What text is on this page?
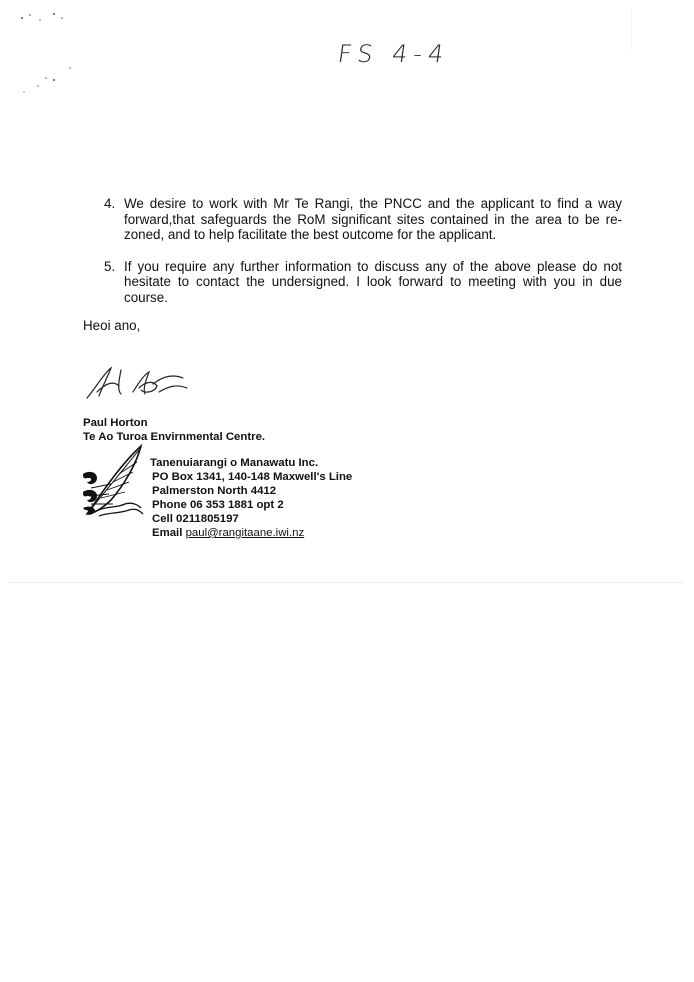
FS 4-4
4. We desire to work with Mr Te Rangi, the PNCC and the applicant to find a way forward,that safeguards the RoM significant sites contained in the area to be re-zoned, and to help facilitate the best outcome for the applicant.
5. If you require any further information to discuss any of the above please do not hesitate to contact the undersigned. I look forward to meeting with you in due course.
Heoi ano,
Paul Horton
Te Ao Turoa Envirnmental Centre.
Tanenuiarangi o Manawatu Inc.
PO Box 1341, 140-148 Maxwell's Line
Palmerston North 4412
Phone 06 353 1881 opt 2
Cell 0211805197
Email paul@rangitaane.iwi.nz
